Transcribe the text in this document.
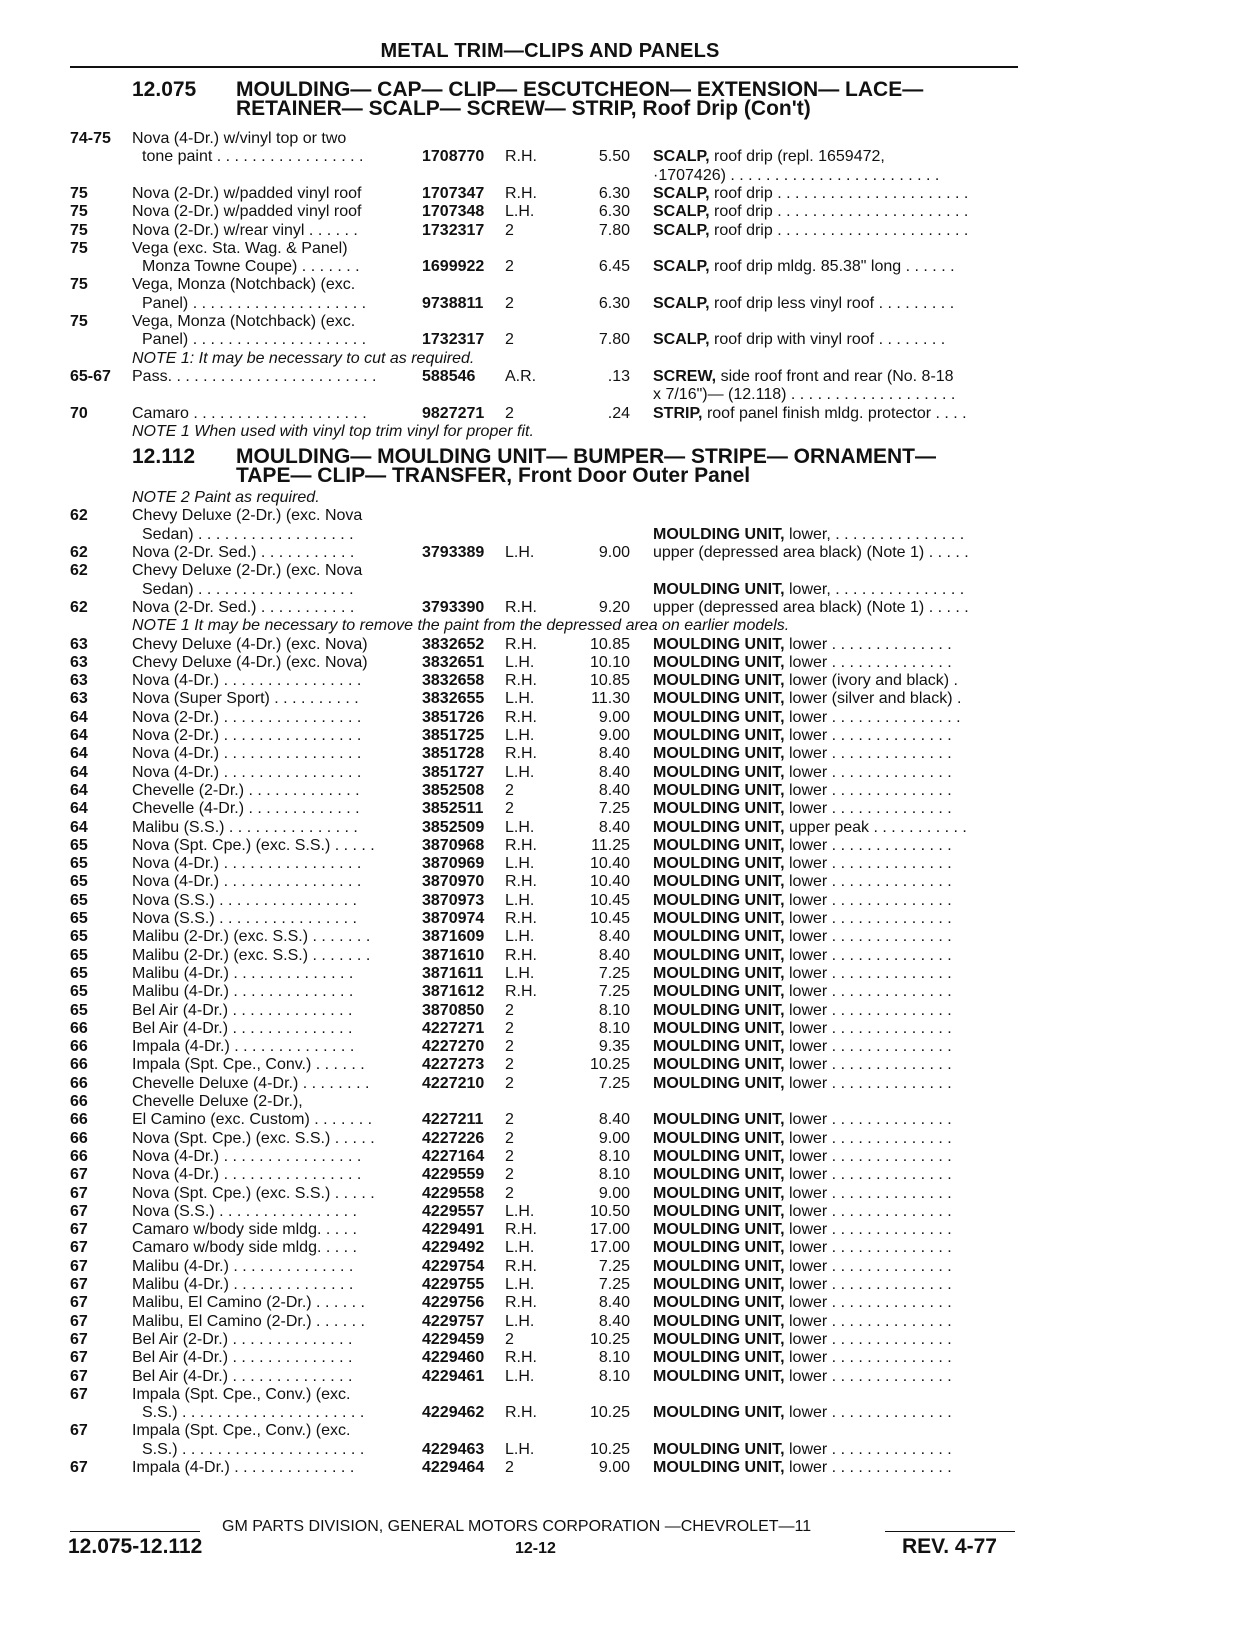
METAL TRIM—CLIPS AND PANELS
12.075 MOULDING— CAP— CLIP— ESCUTCHEON— EXTENSION— LACE—
RETAINER— SCALP— SCREW— STRIP, Roof Drip (Con't)
74-75 Nova (4-Dr.) w/vinyl top or two
tone paint . . . . . . . . . . . . . . . . .	1708770 R.H.	5.50 SCALP, roof drip (repl. 1659472,
·1707426) . . . . . . . . . . . . . . . . . . . . . . . .
75	Nova (2-Dr.) w/padded vinyl roof	1707347 R.H.	6.30 SCALP, roof drip . . . . . . . . . . . . . . . . . . . . . .
75	Nova (2-Dr.) w/padded vinyl roof	1707348 L.H.	6.30 SCALP, roof drip . . . . . . . . . . . . . . . . . . . . . .
75	Nova (2-Dr.) w/rear vinyl . . . . . .	1732317 2	7.80 SCALP, roof drip . . . . . . . . . . . . . . . . . . . . . .
75	Vega (exc. Sta. Wag. & Panel)
Monza Towne Coupe) . . . . . . .	1699922 2	6.45 SCALP, roof drip mldg. 85.38" long . . . . . .
75	Vega, Monza (Notchback) (exc.
Panel) . . . . . . . . . . . . . . . . . . . .	9738811 2	6.30 SCALP, roof drip less vinyl roof . . . . . . . . .
75	Vega, Monza (Notchback) (exc.
Panel) . . . . . . . . . . . . . . . . . . . .	1732317 2	7.80 SCALP, roof drip with vinyl roof . . . . . . . .
NOTE 1: It may be necessary to cut as required.
65-67 Pass. . . . . . . . . . . . . . . . . . . . . . . .	588546 A.R.	.13 SCREW, side roof front and rear (No. 8-18
x 7/16")— (12.118) . . . . . . . . . . . . . . . . . . .
70	Camaro . . . . . . . . . . . . . . . . . . . .	9827271 2	.24 STRIP, roof panel finish mldg. protector . . . .
NOTE 1 When used with vinyl top trim vinyl for proper fit.
12.112 MOULDING— MOULDING UNIT— BUMPER— STRIPE— ORNAMENT—
TAPE— CLIP— TRANSFER, Front Door Outer Panel
NOTE 2 Paint as required.
62	Chevy Deluxe (2-Dr.) (exc. Nova
Sedan) . . . . . . . . . . . . . . . . . .	MOULDING UNIT, lower, . . . . . . . . . . . . . . .
62	Nova (2-Dr. Sed.) . . . . . . . . . . .	3793389 L.H.	9.00 upper (depressed area black) (Note 1) . . . . .
62	Chevy Deluxe (2-Dr.) (exc. Nova
Sedan) . . . . . . . . . . . . . . . . . .	MOULDING UNIT, lower, . . . . . . . . . . . . . . .
62	Nova (2-Dr. Sed.) . . . . . . . . . . .	3793390 R.H.	9.20 upper (depressed area black) (Note 1) . . . . .
NOTE 1 It may be necessary to remove the paint from the depressed area on earlier models.
63	Chevy Deluxe (4-Dr.) (exc. Nova)	3832652 R.H.	10.85 MOULDING UNIT, lower . . . . . . . . . . . . . .
63	Chevy Deluxe (4-Dr.) (exc. Nova)	3832651 L.H.	10.10 MOULDING UNIT, lower . . . . . . . . . . . . . .
63	Nova (4-Dr.) . . . . . . . . . . . . . . . .	3832658 R.H.	10.85 MOULDING UNIT, lower (ivory and black) .
63	Nova (Super Sport) . . . . . . . . . .	3832655 L.H.	11.30 MOULDING UNIT, lower (silver and black) .
64	Nova (2-Dr.) . . . . . . . . . . . . . . . .	3851726 R.H.	9.00 MOULDING UNIT, lower . . . . . . . . . . . . . . .
64	Nova (2-Dr.) . . . . . . . . . . . . . . . .	3851725 L.H.	9.00 MOULDING UNIT, lower . . . . . . . . . . . . . .
64	Nova (4-Dr.) . . . . . . . . . . . . . . . .	3851728 R.H.	8.40 MOULDING UNIT, lower . . . . . . . . . . . . . .
64	Nova (4-Dr.) . . . . . . . . . . . . . . . .	3851727 L.H.	8.40 MOULDING UNIT, lower . . . . . . . . . . . . . .
64	Chevelle (2-Dr.) . . . . . . . . . . . . .	3852508 2	8.40 MOULDING UNIT, lower . . . . . . . . . . . . . .
64	Chevelle (4-Dr.) . . . . . . . . . . . . .	3852511 2	7.25 MOULDING UNIT, lower . . . . . . . . . . . . . .
64	Malibu (S.S.) . . . . . . . . . . . . . . .	3852509 L.H.	8.40 MOULDING UNIT, upper peak . . . . . . . . . . .
65	Nova (Spt. Cpe.) (exc. S.S.) . . . . .	3870968 R.H.	11.25 MOULDING UNIT, lower . . . . . . . . . . . . . .
65	Nova (4-Dr.) . . . . . . . . . . . . . . . .	3870969 L.H.	10.40 MOULDING UNIT, lower . . . . . . . . . . . . . .
65	Nova (4-Dr.) . . . . . . . . . . . . . . . .	3870970 R.H.	10.40 MOULDING UNIT, lower . . . . . . . . . . . . . .
65	Nova (S.S.) . . . . . . . . . . . . . . . .	3870973 L.H.	10.45 MOULDING UNIT, lower . . . . . . . . . . . . . .
65	Nova (S.S.) . . . . . . . . . . . . . . . .	3870974 R.H.	10.45 MOULDING UNIT, lower . . . . . . . . . . . . . .
65	Malibu (2-Dr.) (exc. S.S.) . . . . . . .	3871609 L.H.	8.40 MOULDING UNIT, lower . . . . . . . . . . . . . .
65	Malibu (2-Dr.) (exc. S.S.) . . . . . . .	3871610 R.H.	8.40 MOULDING UNIT, lower . . . . . . . . . . . . . .
65	Malibu (4-Dr.) . . . . . . . . . . . . . .	3871611 L.H.	7.25 MOULDING UNIT, lower . . . . . . . . . . . . . .
65	Malibu (4-Dr.) . . . . . . . . . . . . . .	3871612 R.H.	7.25 MOULDING UNIT, lower . . . . . . . . . . . . . .
65	Bel Air (4-Dr.) . . . . . . . . . . . . . .	3870850 2	8.10 MOULDING UNIT, lower . . . . . . . . . . . . . .
66	Bel Air (4-Dr.) . . . . . . . . . . . . . .	4227271 2	8.10 MOULDING UNIT, lower . . . . . . . . . . . . . .
66	Impala (4-Dr.) . . . . . . . . . . . . . .	4227270 2	9.35 MOULDING UNIT, lower . . . . . . . . . . . . . .
66	Impala (Spt. Cpe., Conv.) . . . . . .	4227273 2	10.25 MOULDING UNIT, lower . . . . . . . . . . . . . .
66	Chevelle Deluxe (4-Dr.) . . . . . . . .	4227210 2	7.25 MOULDING UNIT, lower . . . . . . . . . . . . . .
66	Chevelle Deluxe (2-Dr.),
66	El Camino (exc. Custom) . . . . . . .	4227211 2	8.40 MOULDING UNIT, lower . . . . . . . . . . . . . .
66	Nova (Spt. Cpe.) (exc. S.S.) . . . . .	4227226 2	9.00 MOULDING UNIT, lower . . . . . . . . . . . . . .
66	Nova (4-Dr.) . . . . . . . . . . . . . . . .	4227164 2	8.10 MOULDING UNIT, lower . . . . . . . . . . . . . .
67	Nova (4-Dr.) . . . . . . . . . . . . . . . .	4229559 2	8.10 MOULDING UNIT, lower . . . . . . . . . . . . . .
67	Nova (Spt. Cpe.) (exc. S.S.) . . . . .	4229558 2	9.00 MOULDING UNIT, lower . . . . . . . . . . . . . .
67	Nova (S.S.) . . . . . . . . . . . . . . . .	4229557 L.H.	10.50 MOULDING UNIT, lower . . . . . . . . . . . . . .
67	Camaro w/body side mldg. . . . .	4229491 R.H.	17.00 MOULDING UNIT, lower . . . . . . . . . . . . . .
67	Camaro w/body side mldg. . . . .	4229492 L.H.	17.00 MOULDING UNIT, lower . . . . . . . . . . . . . .
67	Malibu (4-Dr.) . . . . . . . . . . . . . .	4229754 R.H.	7.25 MOULDING UNIT, lower . . . . . . . . . . . . . .
67	Malibu (4-Dr.) . . . . . . . . . . . . . .	4229755 L.H.	7.25 MOULDING UNIT, lower . . . . . . . . . . . . . .
67	Malibu, El Camino (2-Dr.) . . . . . .	4229756 R.H.	8.40 MOULDING UNIT, lower . . . . . . . . . . . . . .
67	Malibu, El Camino (2-Dr.) . . . . . .	4229757 L.H.	8.40 MOULDING UNIT, lower . . . . . . . . . . . . . .
67	Bel Air (2-Dr.) . . . . . . . . . . . . . .	4229459 2	10.25 MOULDING UNIT, lower . . . . . . . . . . . . . .
67	Bel Air (4-Dr.) . . . . . . . . . . . . . .	4229460 R.H.	8.10 MOULDING UNIT, lower . . . . . . . . . . . . . .
67	Bel Air (4-Dr.) . . . . . . . . . . . . . .	4229461 L.H.	8.10 MOULDING UNIT, lower . . . . . . . . . . . . . .
67	Impala (Spt. Cpe., Conv.) (exc.
S.S.) . . . . . . . . . . . . . . . . . . . . .	4229462 R.H.	10.25 MOULDING UNIT, lower . . . . . . . . . . . . . .
67	Impala (Spt. Cpe., Conv.) (exc.
S.S.) . . . . . . . . . . . . . . . . . . . . .	4229463 L.H.	10.25 MOULDING UNIT, lower . . . . . . . . . . . . . .
67	Impala (4-Dr.) . . . . . . . . . . . . . .	4229464 2	9.00 MOULDING UNIT, lower . . . . . . . . . . . . . .
GM PARTS DIVISION, GENERAL MOTORS CORPORATION —CHEVROLET—11
12.075-12.112	12-12	REV. 4-77
